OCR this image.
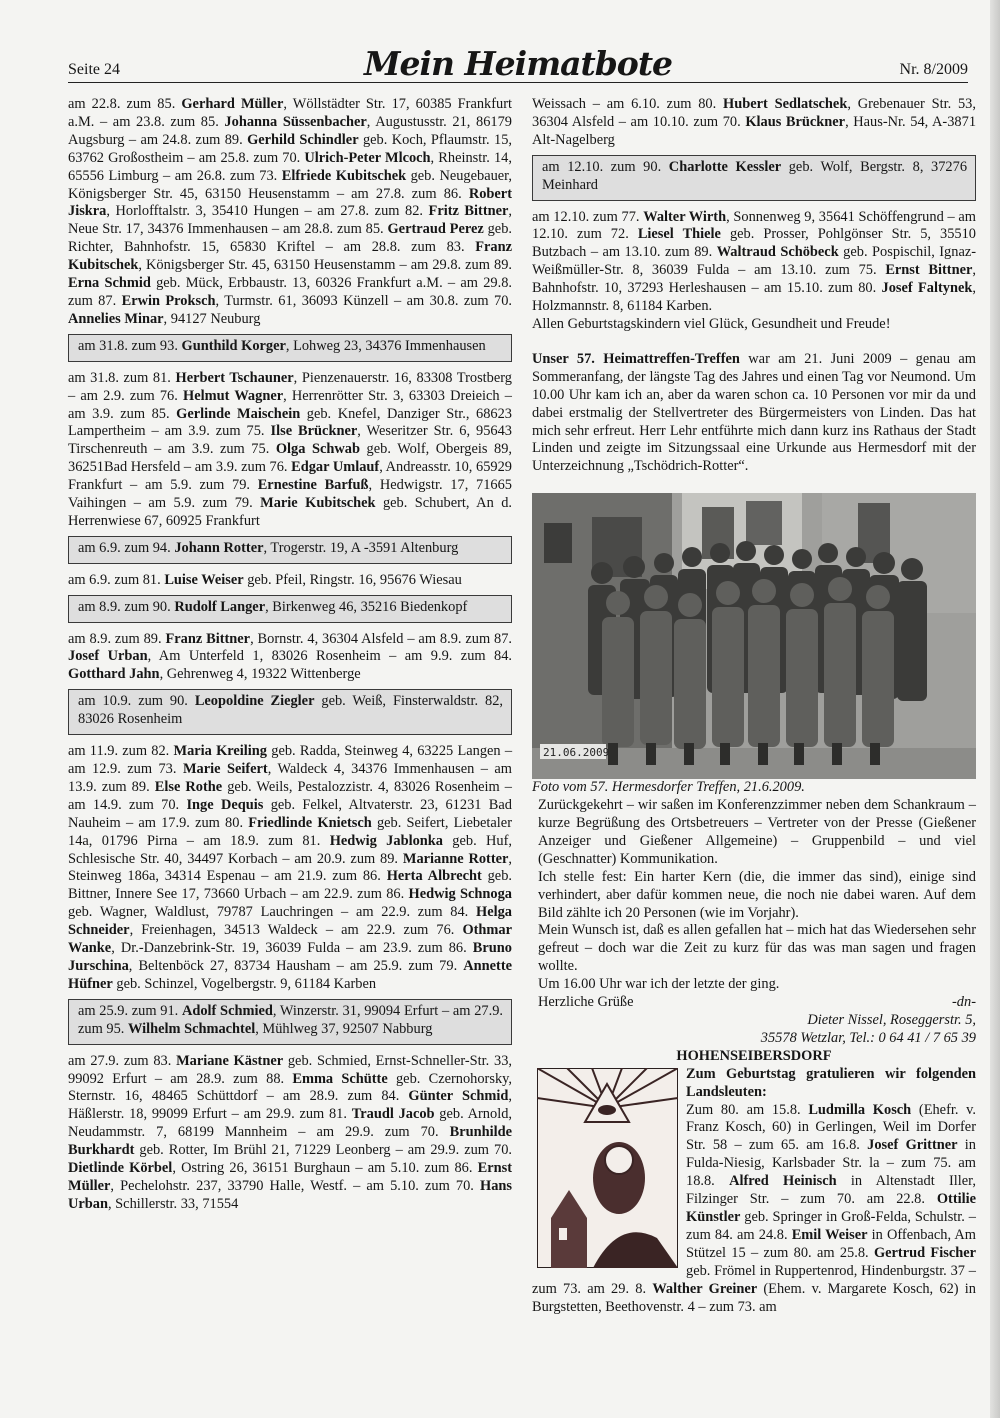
Seite 24	Mein Heimatbote	Nr. 8/2009

am 22.8. zum 85. Gerhard Müller, Wöllstädter Str. 17, 60385 Frankfurt a.M. – am 23.8. zum 85. Johanna Süssenbacher, Augustusstr. 21, 86179 Augsburg – am 24.8. zum 89. Gerhild Schindler geb. Koch, Pflaumstr. 15, 63762 Großostheim – am 25.8. zum 70. Ulrich-Peter Mlcoch, Rheinstr. 14, 65556 Limburg – am 26.8. zum 73. Elfriede Kubitschek geb. Neugebauer, Königsberger Str. 45, 63150 Heusenstamm – am 27.8. zum 86. Robert Jiskra, Horlofftalstr. 3, 35410 Hungen – am 27.8. zum 82. Fritz Bittner, Neue Str. 17, 34376 Immenhausen – am 28.8. zum 85. Gertraud Perez geb. Richter, Bahnhofstr. 15, 65830 Kriftel – am 28.8. zum 83. Franz Kubitschek, Königsberger Str. 45, 63150 Heusenstamm – am 29.8. zum 89. Erna Schmid geb. Mück, Erbbaustr. 13, 60326 Frankfurt a.M. – am 29.8. zum 87. Erwin Proksch, Turmstr. 61, 36093 Künzell – am 30.8. zum 70. Annelies Minar, 94127 Neuburg

am 31.8. zum 93. Gunthild Korger, Lohweg 23, 34376 Immenhausen

am 31.8. zum 81. Herbert Tschauner, Pienzenauerstr. 16, 83308 Trostberg – am 2.9. zum 76. Helmut Wagner, Herrenrötter Str. 3, 63303 Dreieich – am 3.9. zum 85. Gerlinde Maischein geb. Knefel, Danziger Str., 68623 Lampertheim – am 3.9. zum 75. Ilse Brückner, Weseritzer Str. 6, 95643 Tirschenreuth – am 3.9. zum 75. Olga Schwab geb. Wolf, Obergeis 89, 36251Bad Hersfeld – am 3.9. zum 76. Edgar Umlauf, Andreasstr. 10, 65929 Frankfurt – am 5.9. zum 79. Ernestine Barfuß, Hedwigstr. 17, 71665 Vaihingen – am 5.9. zum 79. Marie Kubitschek geb. Schubert, An d. Herrenwiese 67, 60925 Frankfurt

am 6.9. zum 94. Johann Rotter, Trogerstr. 19, A -3591 Altenburg

am 6.9. zum 81. Luise Weiser geb. Pfeil, Ringstr. 16, 95676 Wiesau

am 8.9. zum 90. Rudolf Langer, Birkenweg 46, 35216 Biedenkopf

am 8.9. zum 89. Franz Bittner, Bornstr. 4, 36304 Alsfeld – am 8.9. zum 87. Josef Urban, Am Unterfeld 1, 83026 Rosenheim – am 9.9. zum 84. Gotthard Jahn, Gehrenweg 4, 19322 Wittenberge

am 10.9. zum 90. Leopoldine Ziegler geb. Weiß, Finsterwaldstr. 82, 83026 Rosenheim

am 11.9. zum 82. Maria Kreiling geb. Radda, Steinweg 4, 63225 Langen – am 12.9. zum 73. Marie Seifert, Waldeck 4, 34376 Immenhausen – am 13.9. zum 89. Else Rothe geb. Weils, Pestalozzistr. 4, 83026 Rosenheim – am 14.9. zum 70. Inge Dequis geb. Felkel, Altvaterstr. 23, 61231 Bad Nauheim – am 17.9. zum 80. Friedlinde Knietsch geb. Seifert, Liebetaler 14a, 01796 Pirna – am 18.9. zum 81. Hedwig Jablonka geb. Huf, Schlesische Str. 40, 34497 Korbach – am 20.9. zum 89. Marianne Rotter, Steinweg 186a, 34314 Espenau – am 21.9. zum 86. Herta Albrecht geb. Bittner, Innere See 17, 73660 Urbach – am 22.9. zum 86. Hedwig Schnoga geb. Wagner, Waldlust, 79787 Lauchringen – am 22.9. zum 84. Helga Schneider, Freienhagen, 34513 Waldeck – am 22.9. zum 76. Othmar Wanke, Dr.-Danzebrink-Str. 19, 36039 Fulda – am 23.9. zum 86. Bruno Jurschina, Beltenböck 27, 83734 Hausham – am 25.9. zum 79. Annette Hüfner geb. Schinzel, Vogelbergstr. 9, 61184 Karben

am 25.9. zum 91. Adolf Schmied, Winzerstr. 31, 99094 Erfurt – am 27.9. zum 95. Wilhelm Schmachtel, Mühlweg 37, 92507 Nabburg

am 27.9. zum 83. Mariane Kästner geb. Schmied, Ernst-Schneller-Str. 33, 99092 Erfurt – am 28.9. zum 88. Emma Schütte geb. Czernohorsky, Sternstr. 16, 48465 Schüttdorf – am 28.9. zum 84. Günter Schmid, Häßlerstr. 18, 99099 Erfurt – am 29.9. zum 81. Traudl Jacob geb. Arnold, Neudammstr. 7, 68199 Mannheim – am 29.9. zum 70. Brunhilde Burkhardt geb. Rotter, Im Brühl 21, 71229 Leonberg – am 29.9. zum 70. Dietlinde Körbel, Ostring 26, 36151 Burghaun – am 5.10. zum 86. Ernst Müller, Pechelohstr. 237, 33790 Halle, Westf. – am 5.10. zum 70. Hans Urban, Schillerstr. 33, 71554

Weissach – am 6.10. zum 80. Hubert Sedlatschek, Grebenauer Str. 53, 36304 Alsfeld – am 10.10. zum 70. Klaus Brückner, Haus-Nr. 54, A-3871 Alt-Nagelberg

am 12.10. zum 90. Charlotte Kessler geb. Wolf, Bergstr. 8, 37276 Meinhard

am 12.10. zum 77. Walter Wirth, Sonnenweg 9, 35641 Schöffengrund – am 12.10. zum 72. Liesel Thiele geb. Prosser, Pohlgönser Str. 5, 35510 Butzbach – am 13.10. zum 89. Waltraud Schöbeck geb. Pospischil, Ignaz-Weißmüller-Str. 8, 36039 Fulda – am 13.10. zum 75. Ernst Bittner, Bahnhofstr. 10, 37293 Herleshausen – am 15.10. zum 80. Josef Faltynek, Holzmannstr. 8, 61184 Karben.

Allen Geburtstagskindern viel Glück, Gesundheit und Freude!

Unser 57. Heimattreffen-Treffen war am 21. Juni 2009 – genau am Sommeranfang, der längste Tag des Jahres und einen Tag vor Neumond. Um 10.00 Uhr kam ich an, aber da waren schon ca. 10 Personen vor mir da und dabei erstmalig der Stellvertreter des Bürgermeisters von Linden. Das hat mich sehr erfreut. Herr Lehr entführte mich dann kurz ins Rathaus der Stadt Linden und zeigte im Sitzungssaal eine Urkunde aus Hermesdorf mit der Unterzeichnung „Tschödrich-Rotter“.

21.06.2009

Foto vom 57. Hermesdorfer Treffen, 21.6.2009.

Zurückgekehrt – wir saßen im Konferenzzimmer neben dem Schankraum – kurze Begrüßung des Ortsbetreuers – Vertreter von der Presse (Gießener Anzeiger und Gießener Allgemeine) – Gruppenbild – und viel (Geschnatter) Kommunikation.

Ich stelle fest: Ein harter Kern (die, die immer das sind), einige sind verhindert, aber dafür kommen neue, die noch nie dabei waren. Auf dem Bild zählte ich 20 Personen (wie im Vorjahr).

Mein Wunsch ist, daß es allen gefallen hat – mich hat das Wiedersehen sehr gefreut – doch war die Zeit zu kurz für das was man sagen und fragen wollte.

Um 16.00 Uhr war ich der letzte der ging.

Herzliche Grüße	-dn-

Dieter Nissel, Roseggerstr. 5,

35578 Wetzlar, Tel.: 0 64 41 / 7 65 39

HOHENSEIBERSDORF

Zum Geburtstag gratulieren wir folgenden Landsleuten:

Zum 80. am 15.8. Ludmilla Kosch (Ehefr. v. Franz Kosch, 60) in Gerlingen, Weil im Dorfer Str. 58 – zum 65. am 16.8. Josef Grittner in Fulda-Niesig, Karlsbader Str. la – zum 75. am 18.8. Alfred Heinisch in Altenstadt Iller, Filzinger Str. – zum 70. am 22.8. Ottilie Künstler geb. Springer in Groß-Felda, Schulstr. – zum 84. am 24.8. Emil Weiser in Offenbach, Am Stützel 15 – zum 80. am 25.8. Gertrud Fischer geb. Frömel in Ruppertenrod, Hindenburgstr. 37 – zum 73. am 29. 8. Walther Greiner (Ehem. v. Margarete Kosch, 62) in Burgstetten, Beethovenstr. 4 – zum 73. am
